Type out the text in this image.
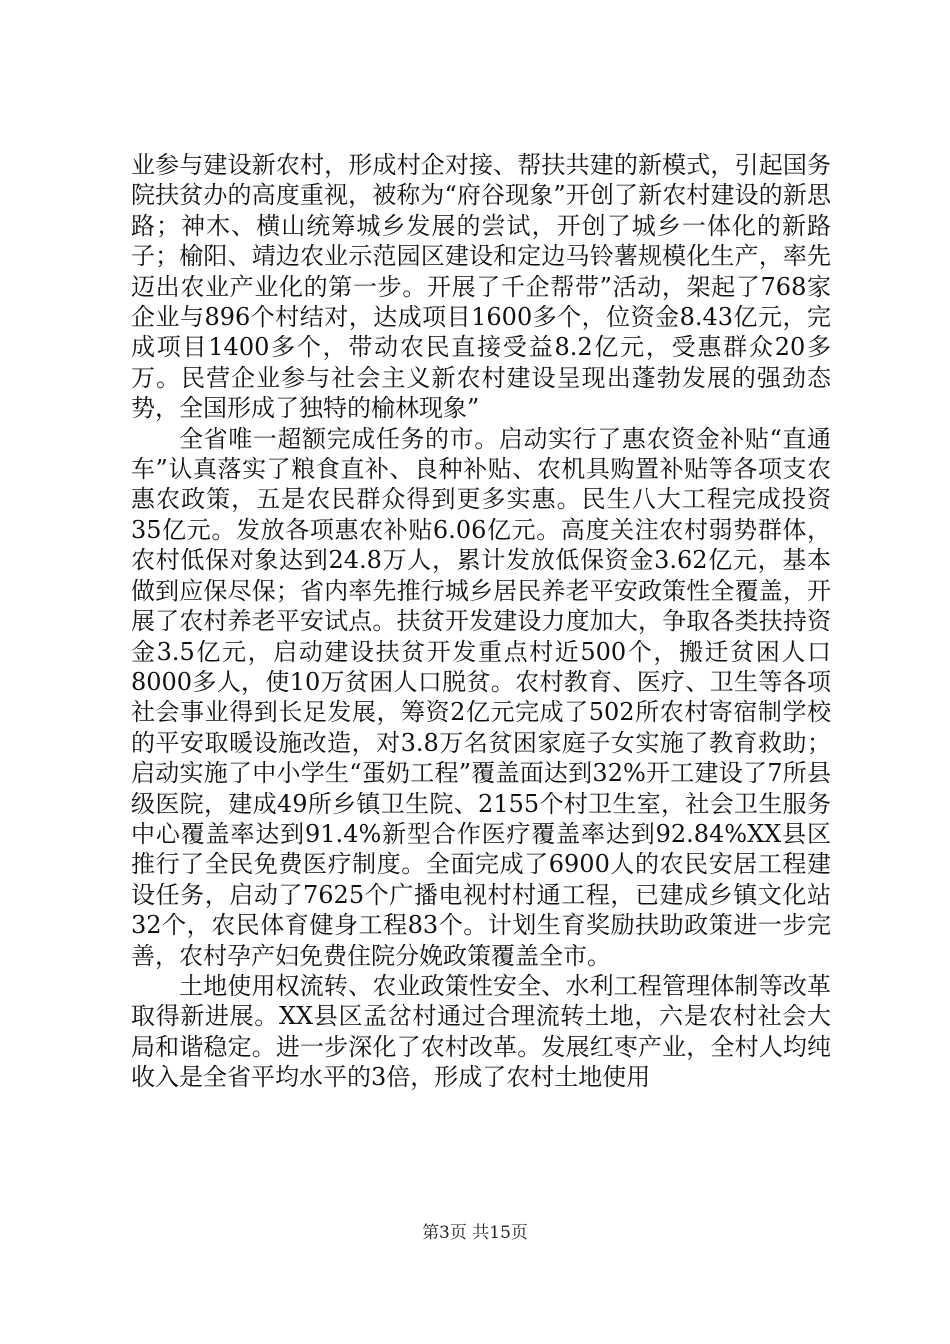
业参与建设新农村，形成村企对接、帮扶共建的新模式，引起国务院扶贫办的高度重视，被称为“府谷现象”开创了新农村建设的新思路；神木、横山统筹城乡发展的尝试，开创了城乡一体化的新路子；榆阳、靖边农业示范园区建设和定边马铃薯规模化生产，率先迈出农业产业化的第一步。开展了千企帮带”活动，架起了768家企业与896个村结对，达成项目1600多个，位资金8.43亿元，完成项目1400多个，带动农民直接受益8.2亿元，受惠群众20多万。民营企业参与社会主义新农村建设呈现出蓬勃发展的强劲态势，全国形成了独特的榆林现象”

全省唯一超额完成任务的市。启动实行了惠农资金补贴“直通车”认真落实了粮食直补、良种补贴、农机具购置补贴等各项支农惠农政策，五是农民群众得到更多实惠。民生八大工程完成投资35亿元。发放各项惠农补贴6.06亿元。高度关注农村弱势群体，农村低保对象达到24.8万人，累计发放低保资金3.62亿元，基本做到应保尽保；省内率先推行城乡居民养老平安政策性全覆盖，开展了农村养老平安试点。扶贫开发建设力度加大，争取各类扶持资金3.5亿元，启动建设扶贫开发重点村近500个，搬迁贫困人口8000多人，使10万贫困人口脱贫。农村教育、医疗、卫生等各项社会事业得到长足发展，筹资2亿元完成了502所农村寄宿制学校的平安取暖设施改造，对3.8万名贫困家庭子女实施了教育救助；启动实施了中小学生“蛋奶工程”覆盖面达到32%开工建设了7所县级医院，建成49所乡镇卫生院、2155个村卫生室，社会卫生服务中心覆盖率达到91.4%新型合作医疗覆盖率达到92.84%XX县区推行了全民免费医疗制度。全面完成了6900人的农民安居工程建设任务，启动了7625个广播电视村村通工程，已建成乡镇文化站32个，农民体育健身工程83个。计划生育奖励扶助政策进一步完善，农村孕产妇免费住院分娩政策覆盖全市。

土地使用权流转、农业政策性安全、水利工程管理体制等改革取得新进展。XX县区孟岔村通过合理流转土地，六是农村社会大局和谐稳定。进一步深化了农村改革。发展红枣产业，全村人均纯收入是全省平均水平的3倍，形成了农村土地使用

第3页 共15页
